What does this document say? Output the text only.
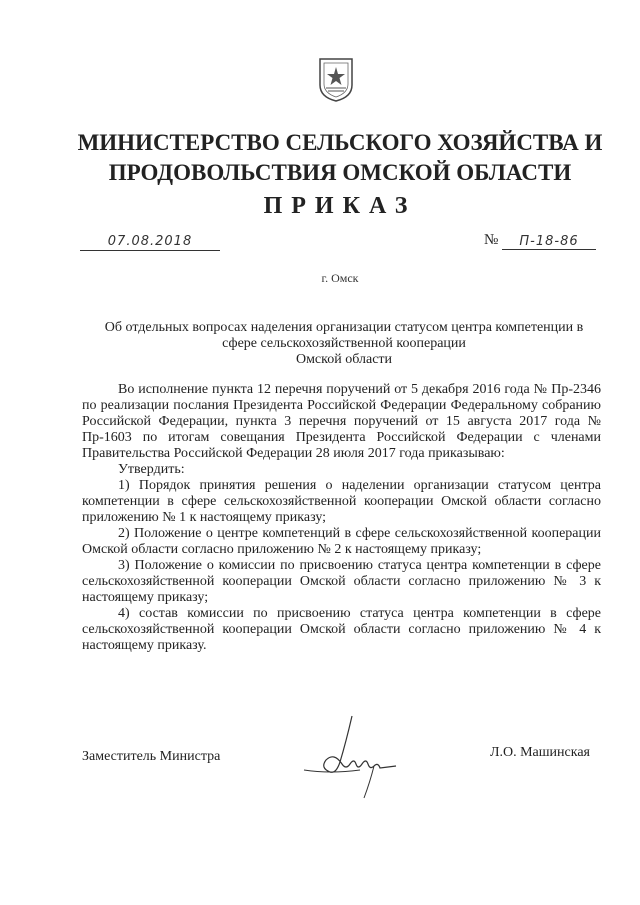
МИНИСТЕРСТВО СЕЛЬСКОГО ХОЗЯЙСТВА И
ПРОДОВОЛЬСТВИЯ ОМСКОЙ ОБЛАСТИ
ПРИКАЗ
07.08.2018	№	П-18-86
г. Омск
Об отдельных вопросах наделения организации статусом центра компетенции в
сфере сельскохозяйственной кооперации
Омской области

Во исполнение пункта 12 перечня поручений от 5 декабря 2016 года № Пр-2346 по реализации послания Президента Российской Федерации Федеральному собранию Российской Федерации, пункта 3 перечня поручений от 15 августа 2017 года № Пр-1603 по итогам совещания Президента Российской Федерации с членами Правительства Российской Федерации 28 июля 2017 года приказываю:

Утвердить:

1) Порядок принятия решения о наделении организации статусом центра компетенции в сфере сельскохозяйственной кооперации Омской области согласно приложению № 1 к настоящему приказу;

2) Положение о центре компетенций в сфере сельскохозяйственной кооперации Омской области согласно приложению № 2 к настоящему приказу;

3) Положение о комиссии по присвоению статуса центра компетенции в сфере сельскохозяйственной кооперации Омской области согласно приложению № 3 к настоящему приказу;

4) состав комиссии по присвоению статуса центра компетенции в сфере сельскохозяйственной кооперации Омской области согласно приложению № 4 к настоящему приказу.

Заместитель Министра	Л.О. Машинская
